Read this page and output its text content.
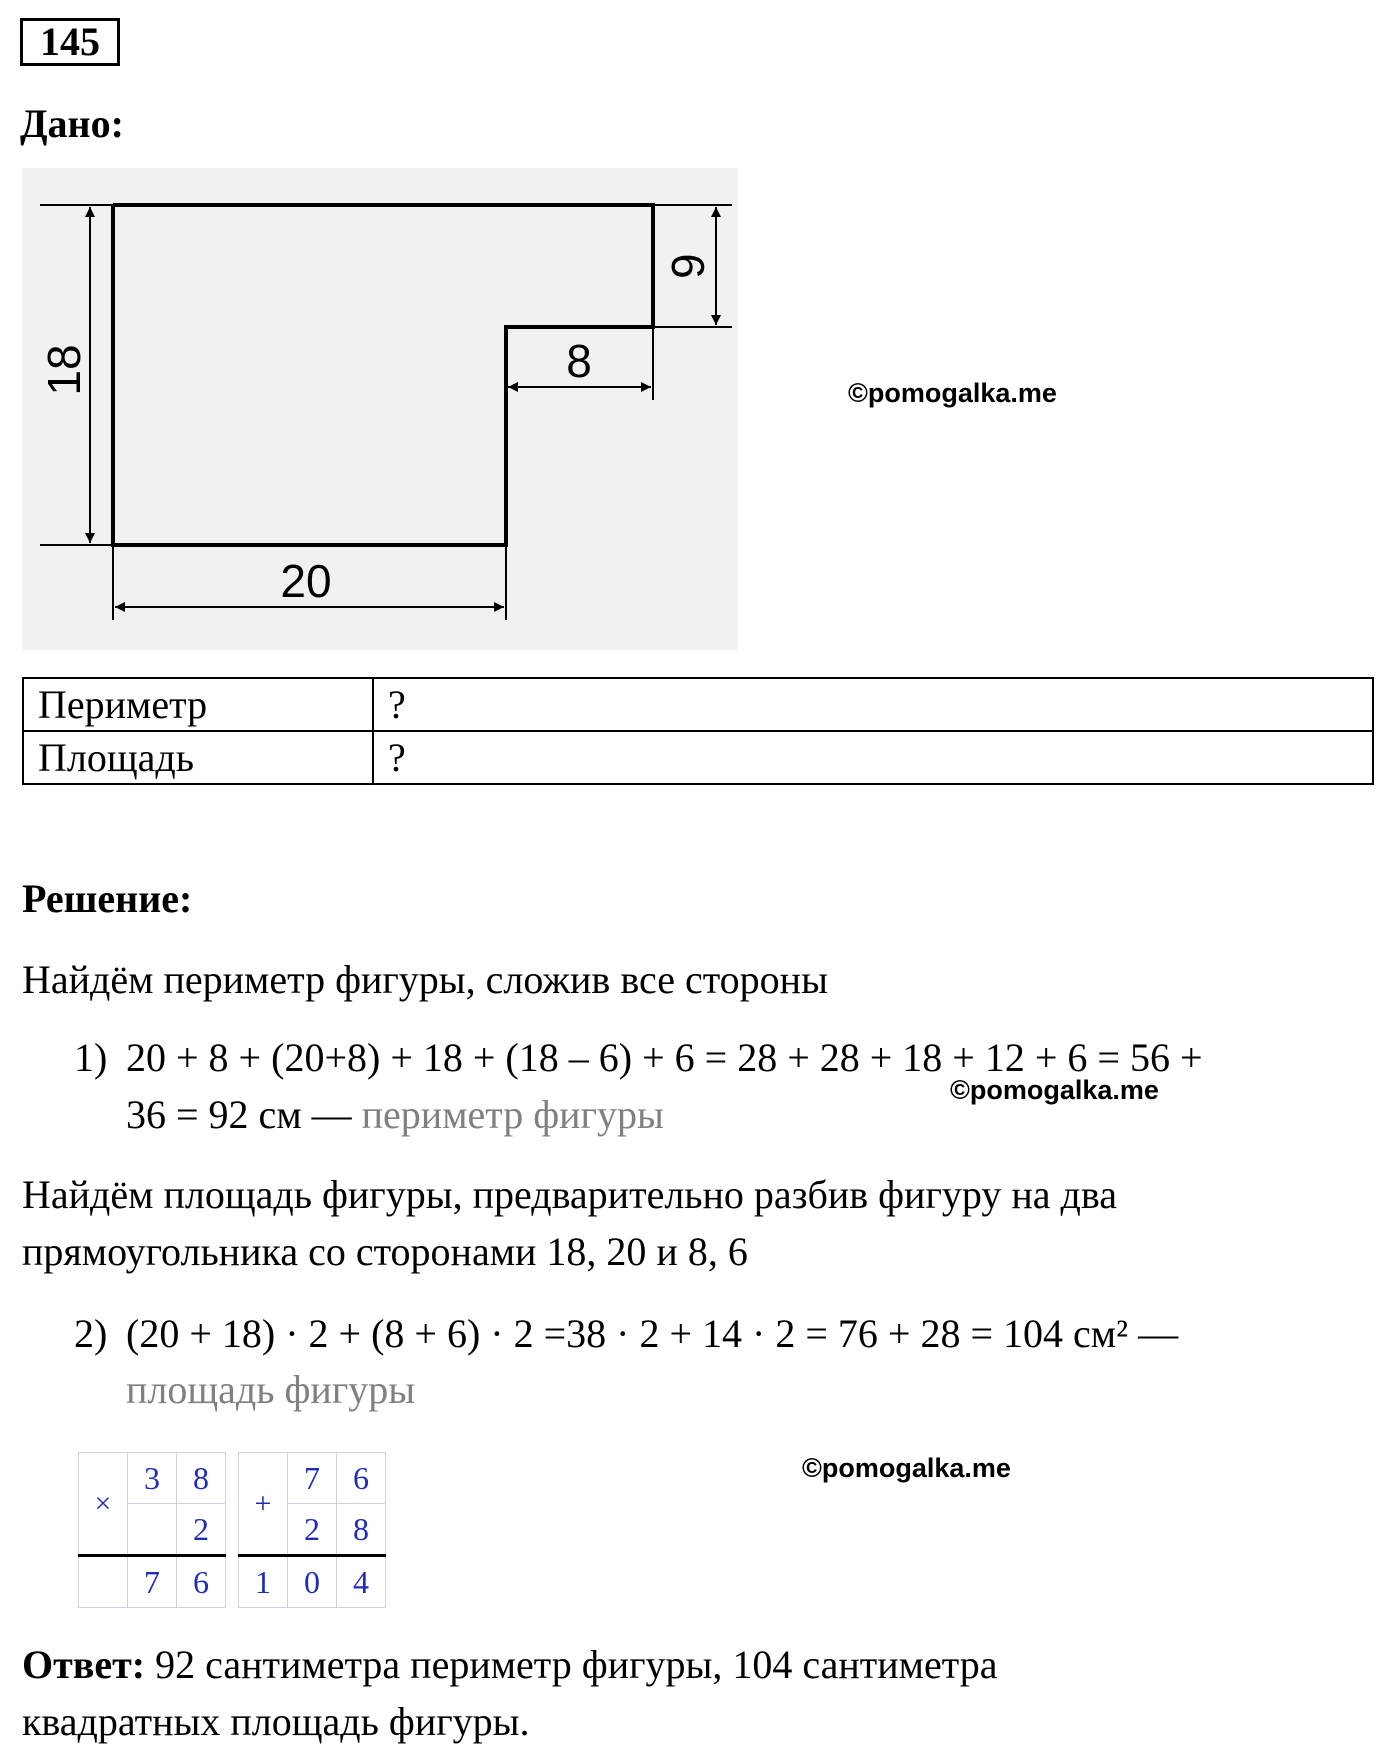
145
Дано:
18
6
8
20
©pomogalka.me
Периметр	?
Площадь	?
Решение:
Найдём периметр фигуры, сложив все стороны
1) 20 + 8 + (20+8) + 18 + (18 – 6) + 6 = 28 + 28 + 18 + 12 + 6 = 56 +
36 = 92 см — периметр фигуры
©pomogalka.me
Найдём площадь фигуры, предварительно разбив фигуру на два
прямоугольника со сторонами 18, 20 и 8, 6
2) (20 + 18) · 2 + (8 + 6) · 2 =38 · 2 + 14 · 2 = 76 + 28 = 104 см² —
площадь фигуры
×	3	8
		2
	7	6
+	7	6
	2	8
1	0	4
©pomogalka.me
Ответ: 92 сантиметра периметр фигуры, 104 сантиметра
квадратных площадь фигуры.
